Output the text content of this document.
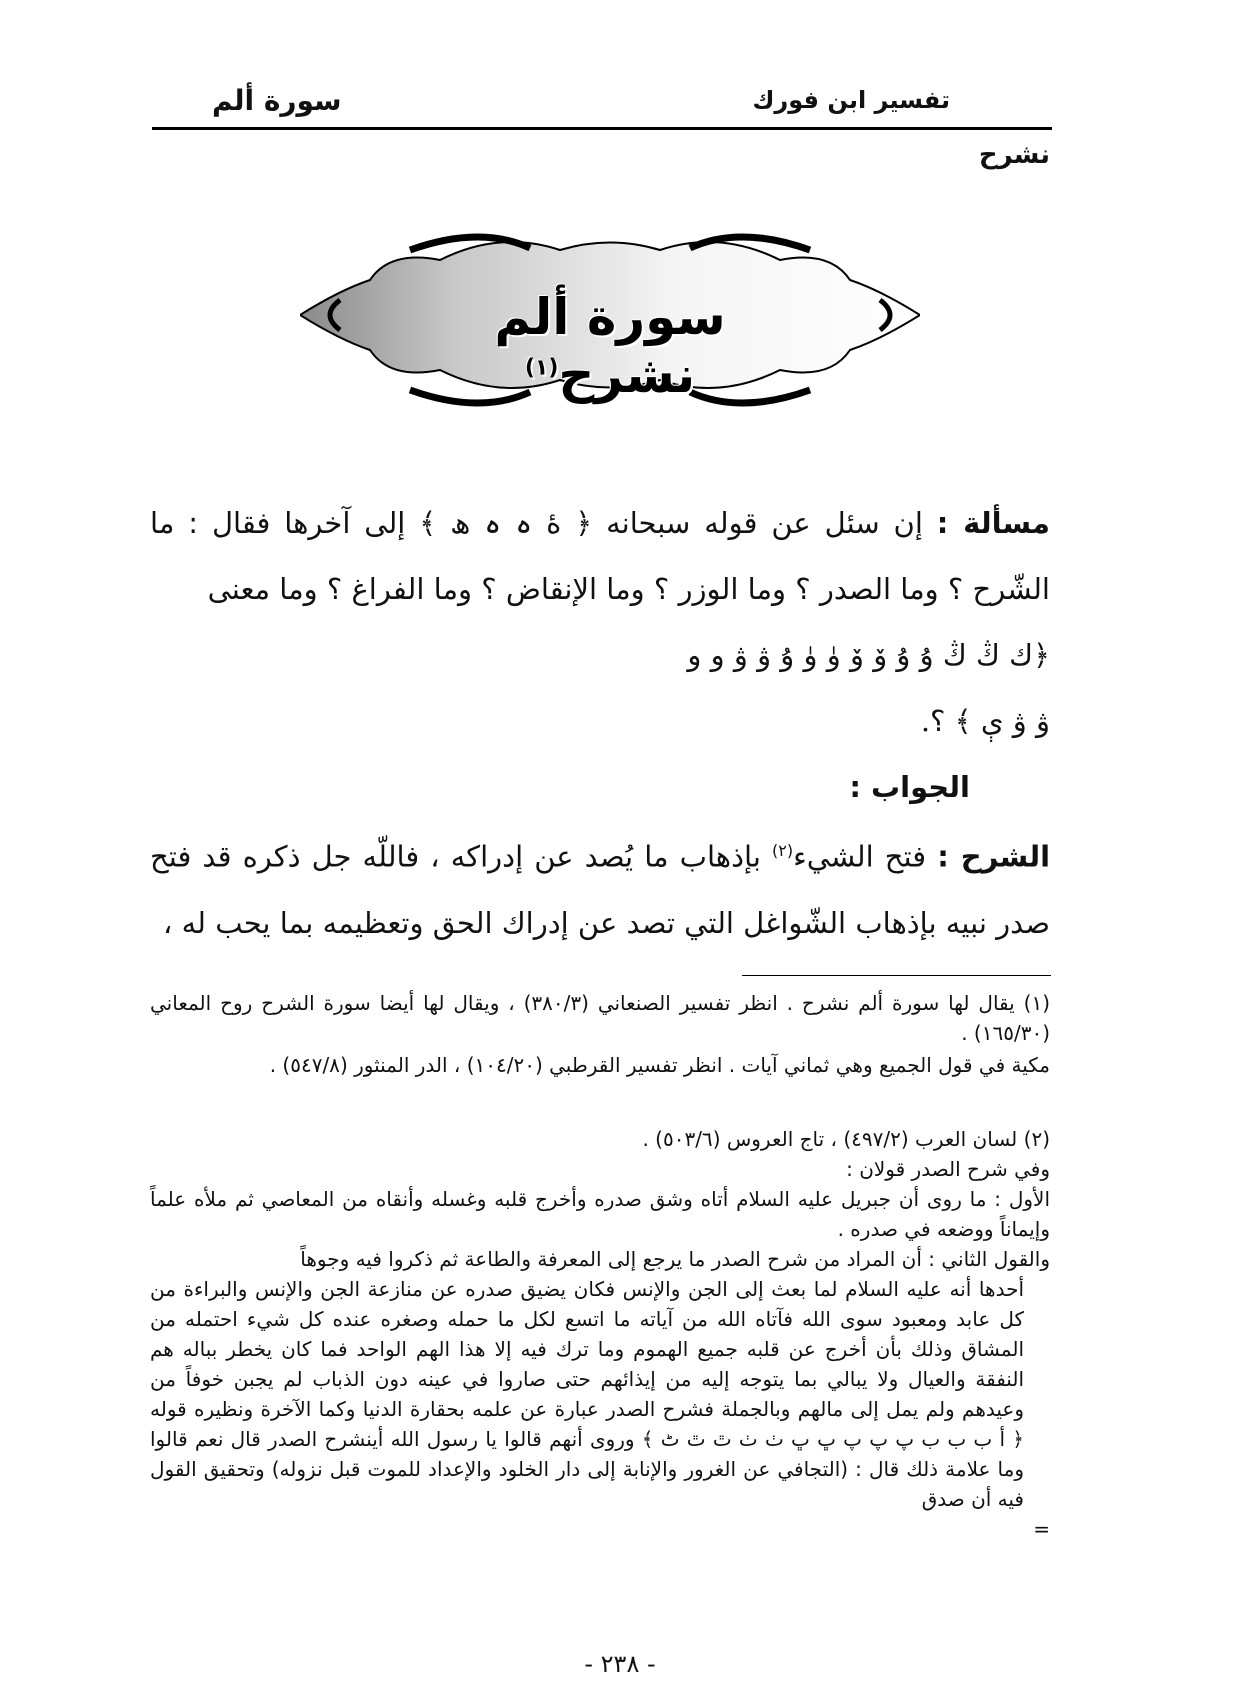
تفسير ابن فورك
سورة ألم
نشرح
سورة ألم نشرح$^{(١)}$
مسألة : إن سئل عن قوله سبحانه ﴿ ۀ ہ ہ ھ ﴾ إلى آخرها فقال : ما الشّرح ؟ وما الصدر ؟ وما الوزر ؟ وما الإنقاض ؟ وما الفراغ ؟ وما معنى
﴿ك ڭ ڭ ۇ ۇ ۆ ۆ ۈ ۈ ۇ ۋ ۋ و و
ۋ ۋ ې ﴾ ؟.
الجواب :
الشرح : فتح الشيء$^{(٢)}$ بإذهاب ما يُصد عن إدراكه ، فاللّه جل ذكره قد فتح صدر نبيه بإذهاب الشّواغل التي تصد عن إدراك الحق وتعظيمه بما يحب له ،
(١) يقال لها سورة ألم نشرح . انظر تفسير الصنعاني (٣٨٠/٣) ، ويقال لها أيضا سورة الشرح روح المعاني (١٦٥/٣٠) .
مكية في قول الجميع وهي ثماني آيات . انظر تفسير القرطبي (١٠٤/٢٠) ، الدر المنثور (٥٤٧/٨) .
(٢) لسان العرب (٤٩٧/٢) ، تاج العروس (٥٠٣/٦) .
وفي شرح الصدر قولان :
الأول : ما روى أن جبريل عليه السلام أتاه وشق صدره وأخرج قلبه وغسله وأنقاه من المعاصي ثم ملأه علماً وإيماناً ووضعه في صدره .
والقول الثاني : أن المراد من شرح الصدر ما يرجع إلى المعرفة والطاعة ثم ذكروا فيه وجوهاً
أحدها أنه عليه السلام لما بعث إلى الجن والإنس فكان يضيق صدره عن منازعة الجن والإنس والبراءة من كل عابد ومعبود سوى الله فآتاه الله من آياته ما اتسع لكل ما حمله وصغره عنده كل شيء احتمله من المشاق وذلك بأن أخرج عن قلبه جميع الهموم وما ترك فيه إلا هذا الهم الواحد فما كان يخطر بباله هم النفقة والعيال ولا يبالي بما يتوجه إليه من إيذائهم حتى صاروا في عينه دون الذباب لم يجبن خوفاً من وعيدهم ولم يمل إلى مالهم وبالجملة فشرح الصدر عبارة عن علمه بحقارة الدنيا وكما الآخرة ونظيره قوله ﴿ أ ب ب ب پ پ پ ڀ ڀ ٺ ٺ ٿ ٿ ٹ ﴾ وروى أنهم قالوا يا رسول الله أينشرح الصدر قال نعم قالوا وما علامة ذلك قال : (التجافي عن الغرور والإنابة إلى دار الخلود والإعداد للموت قبل نزوله) وتحقيق القول فيه أن صدق
=
- ٢٣٨ -
